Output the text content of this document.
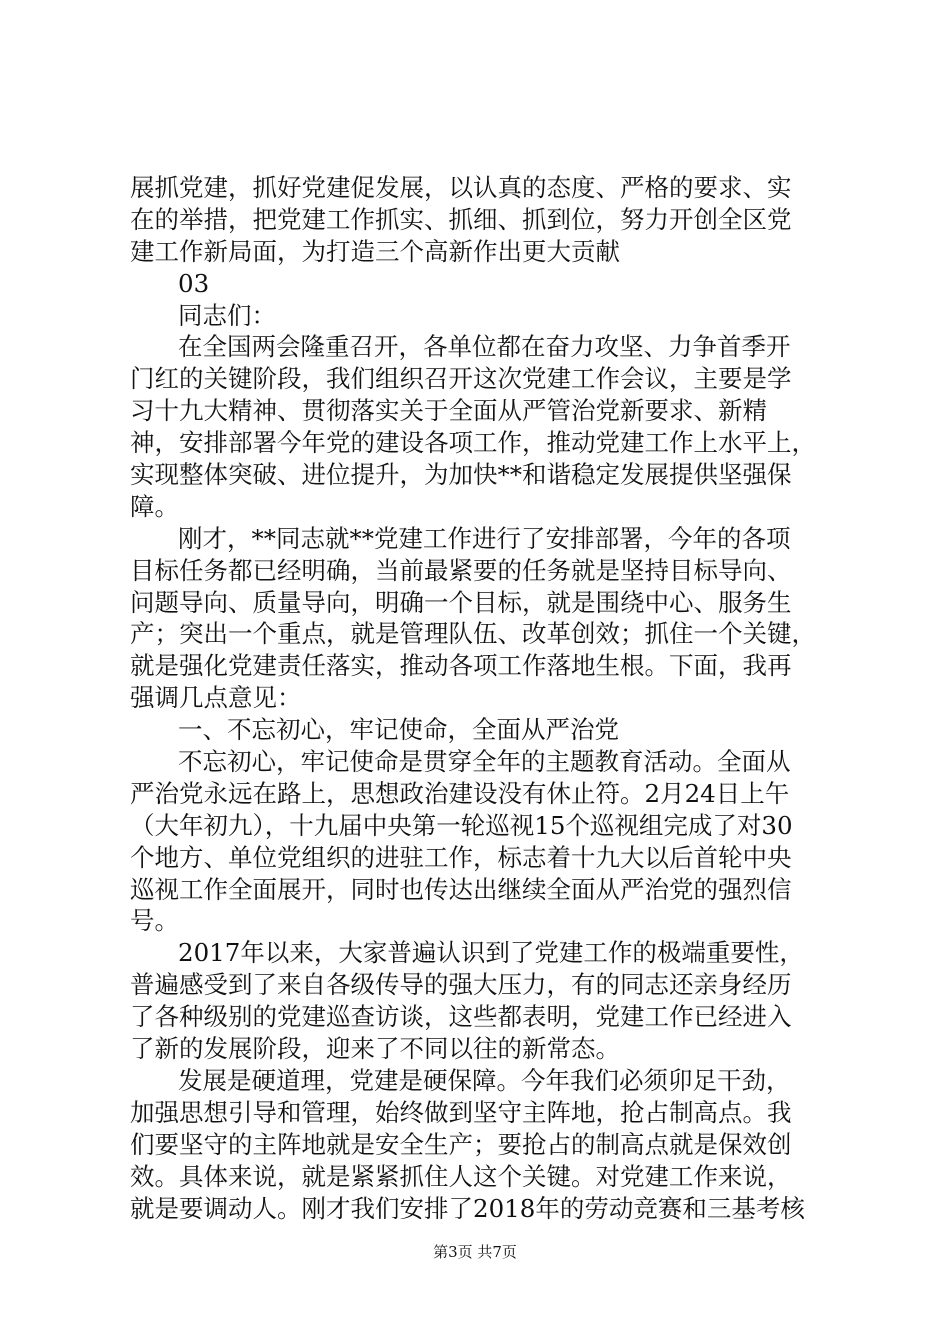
展抓党建，抓好党建促发展，以认真的态度、严格的要求、实
在的举措，把党建工作抓实、抓细、抓到位，努力开创全区党
建工作新局面，为打造三个高新作出更大贡献
03
同志们：
在全国两会隆重召开，各单位都在奋力攻坚、力争首季开
门红的关键阶段，我们组织召开这次党建工作会议，主要是学
习十九大精神、贯彻落实关于全面从严管治党新要求、新精
神，安排部署今年党的建设各项工作，推动党建工作上水平上，
实现整体突破、进位提升，为加快**和谐稳定发展提供坚强保
障。
刚才，**同志就**党建工作进行了安排部署，今年的各项
目标任务都已经明确，当前最紧要的任务就是坚持目标导向、
问题导向、质量导向，明确一个目标，就是围绕中心、服务生
产；突出一个重点，就是管理队伍、改革创效；抓住一个关键，
就是强化党建责任落实，推动各项工作落地生根。下面，我再
强调几点意见：
一、不忘初心，牢记使命，全面从严治党
不忘初心，牢记使命是贯穿全年的主题教育活动。全面从
严治党永远在路上，思想政治建设没有休止符。2月24日上午
（大年初九），十九届中央第一轮巡视15个巡视组完成了对30
个地方、单位党组织的进驻工作，标志着十九大以后首轮中央
巡视工作全面展开，同时也传达出继续全面从严治党的强烈信
号。
2017年以来，大家普遍认识到了党建工作的极端重要性，
普遍感受到了来自各级传导的强大压力，有的同志还亲身经历
了各种级别的党建巡查访谈，这些都表明，党建工作已经进入
了新的发展阶段，迎来了不同以往的新常态。
发展是硬道理，党建是硬保障。今年我们必须卯足干劲，
加强思想引导和管理，始终做到坚守主阵地，抢占制高点。我
们要坚守的主阵地就是安全生产；要抢占的制高点就是保效创
效。具体来说，就是紧紧抓住人这个关键。对党建工作来说，
就是要调动人。刚才我们安排了2018年的劳动竞赛和三基考核
第3页 共7页
